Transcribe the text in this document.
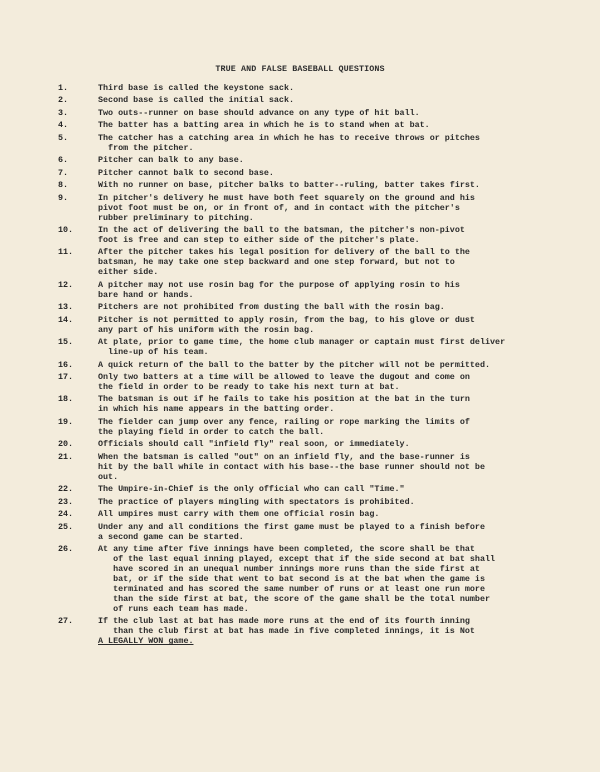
TRUE AND FALSE BASEBALL QUESTIONS
1.	Third base is called the keystone sack.
2.	Second base is called the initial sack.
3.	Two outs--runner on base should advance on any type of hit ball.
4.	The batter has a batting area in which he is to stand when at bat.
5.	The catcher has a catching area in which he has to receive throws or pitches
from the pitcher.
6.	Pitcher can balk to any base.
7.	Pitcher cannot balk to second base.
8.	With no runner on base, pitcher balks to batter--ruling, batter takes first.
9.	In pitcher's delivery he must have both feet squarely on the ground and his
pivot foot must be on, or in front of, and in contact with the pitcher's
rubber preliminary to pitching.
10.	In the act of delivering the ball to the batsman, the pitcher's non-pivot
foot is free and can step to either side of the pitcher's plate.
11.	After the pitcher takes his legal position for delivery of the ball to the
batsman, he may take one step backward and one step forward, but not to
either side.
12.	A pitcher may not use rosin bag for the purpose of applying rosin to his
bare hand or hands.
13.	Pitchers are not prohibited from dusting the ball with the rosin bag.
14.	Pitcher is not permitted to apply rosin, from the bag, to his glove or dust
any part of his uniform with the rosin bag.
15.	At plate, prior to game time, the home club manager or captain must first deliver
line-up of his team.
16.	A quick return of the ball to the batter by the pitcher will not be permitted.
17.	Only two batters at a time will be allowed to leave the dugout and come on
the field in order to be ready to take his next turn at bat.
18.	The batsman is out if he fails to take his position at the bat in the turn
in which his name appears in the batting order.
19.	The fielder can jump over any fence, railing or rope marking the limits of
the playing field in order to catch the ball.
20.	Officials should call "infield fly" real soon, or immediately.
21.	When the batsman is called "out" on an infield fly, and the base-runner is
hit by the ball while in contact with his base--the base runner should not be
out.
22.	The Umpire-in-Chief is the only official who can call "Time."
23.	The practice of players mingling with spectators is prohibited.
24.	All umpires must carry with them one official rosin bag.
25.	Under any and all conditions the first game must be played to a finish before
a second game can be started.
26.	At any time after five innings have been completed, the score shall be that
of the last equal inning played, except that if the side second at bat shall
have scored in an unequal number innings more runs than the side first at
bat, or if the side that went to bat second is at the bat when the game is
terminated and has scored the same number of runs or at least one run more
than the side first at bat, the score of the game shall be the total number
of runs each team has made.
27.	If the club last at bat has made more runs at the end of its fourth inning
than the club first at bat has made in five completed innings, it is Not
A LEGALLY WON game.
